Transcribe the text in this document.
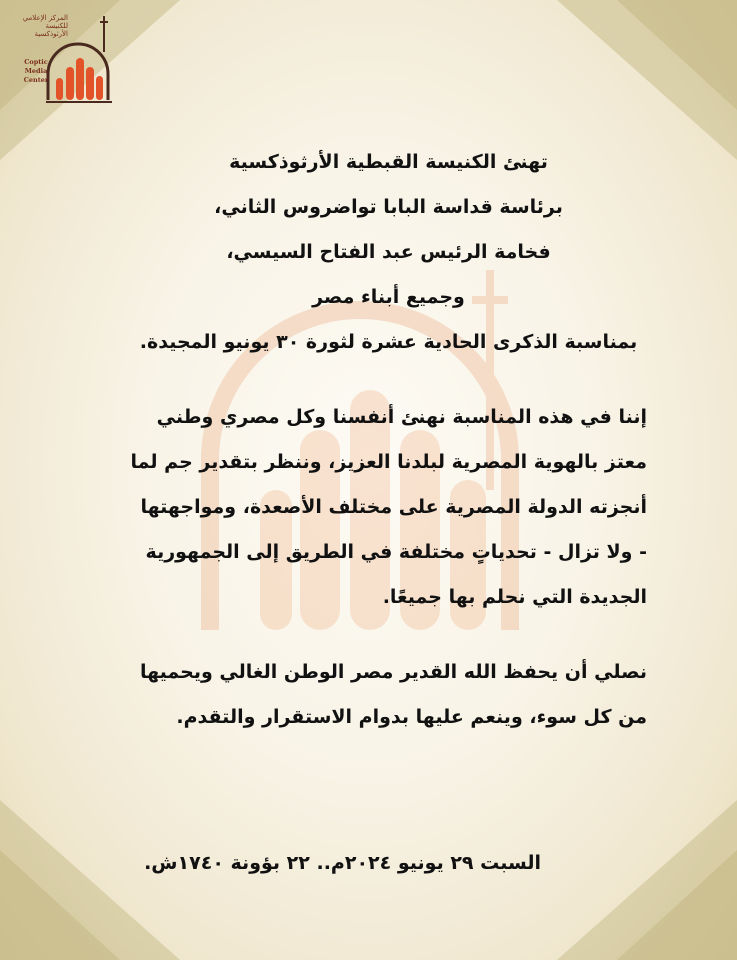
المركز الإعلامي للكنيسة الأرثوذكسية
Coptic
Media
Center
تهنئ الكنيسة القبطية الأرثوذكسية
برئاسة قداسة البابا تواضروس الثاني،
فخامة الرئيس عبد الفتاح السيسي،
وجميع أبناء مصر
بمناسبة الذكرى الحادية عشرة لثورة ٣٠ يونيو المجيدة.
إننا في هذه المناسبة نهنئ أنفسنا وكل مصري وطني
معتز بالهوية المصرية لبلدنا العزيز، وننظر بتقدير جم لما
أنجزته الدولة المصرية على مختلف الأصعدة، ومواجهتها
- ولا تزال - تحدياتٍ مختلفة في الطريق إلى الجمهورية
الجديدة التي نحلم بها جميعًا.
نصلي أن يحفظ الله القدير مصر الوطن الغالي ويحميها
من كل سوء، وينعم عليها بدوام الاستقرار والتقدم.
السبت ٢٩ يونيو ٢٠٢٤م.. ٢٢ بؤونة ١٧٤٠ش.
